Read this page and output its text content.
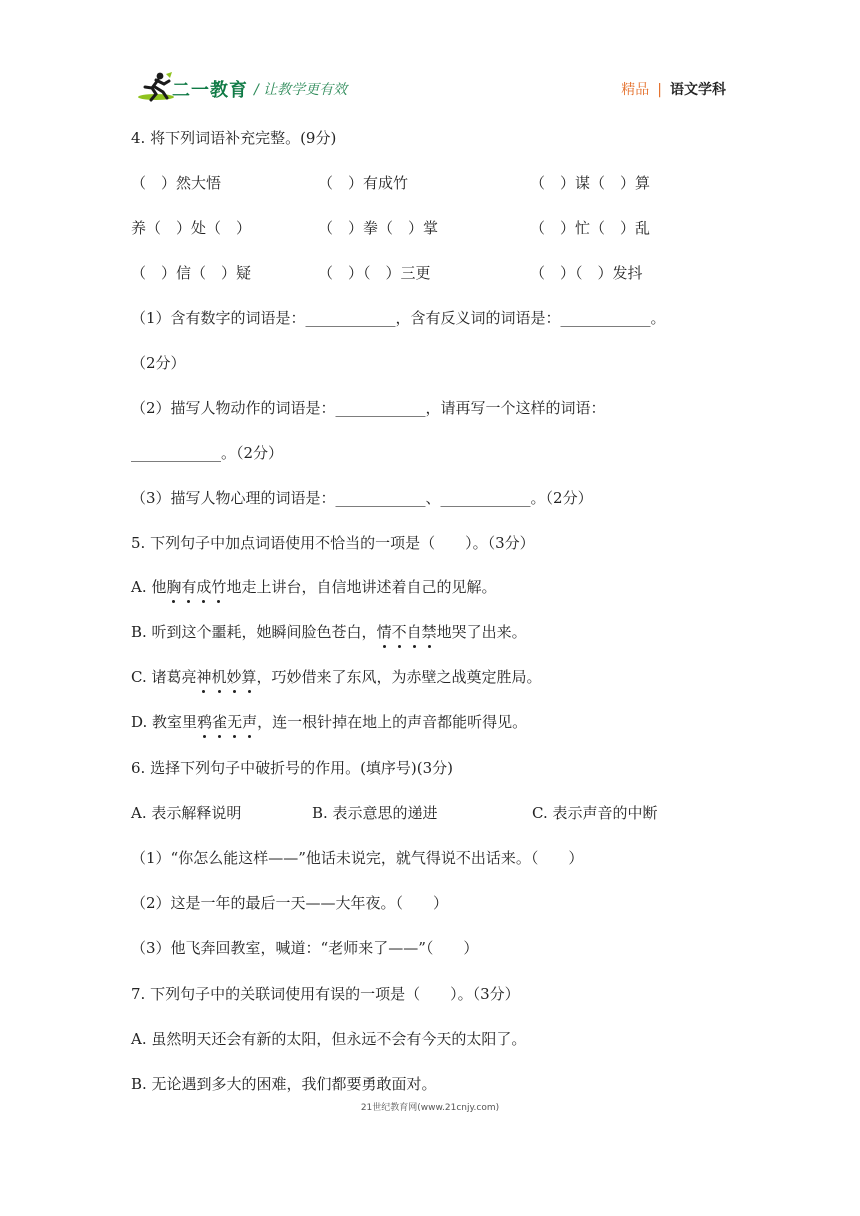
二一教育 / 让教学更有效	精品 | 语文学科
4. 将下列词语补充完整。(9分)
（　）然大悟	（　）有成竹	（　）谋（　）算
养（　）处（　）	（　）拳（　）掌	（　）忙（　）乱
（　）信（　）疑	（　）（　）三更	（　）（　）发抖
（1）含有数字的词语是：____________，含有反义词的词语是：____________。
（2分）
（2）描写人物动作的词语是：____________，请再写一个这样的词语：
____________。（2分）
（3）描写人物心理的词语是：____________、____________。（2分）
5. 下列句子中加点词语使用不恰当的一项是（　　）。（3分）
A. 他胸有成竹地走上讲台，自信地讲述着自己的见解。
B. 听到这个噩耗，她瞬间脸色苍白，情不自禁地哭了出来。
C. 诸葛亮神机妙算，巧妙借来了东风，为赤壁之战奠定胜局。
D. 教室里鸦雀无声，连一根针掉在地上的声音都能听得见。
6. 选择下列句子中破折号的作用。(填序号)(3分)
A. 表示解释说明	B. 表示意思的递进	C. 表示声音的中断
（1）“你怎么能这样——”他话未说完，就气得说不出话来。（　　）
（2）这是一年的最后一天——大年夜。（　　）
（3）他飞奔回教室，喊道：“老师来了——”（　　）
7. 下列句子中的关联词使用有误的一项是（　　）。（3分）
A. 虽然明天还会有新的太阳，但永远不会有今天的太阳了。
B. 无论遇到多大的困难，我们都要勇敢面对。
21世纪教育网(www.21cnjy.com)
